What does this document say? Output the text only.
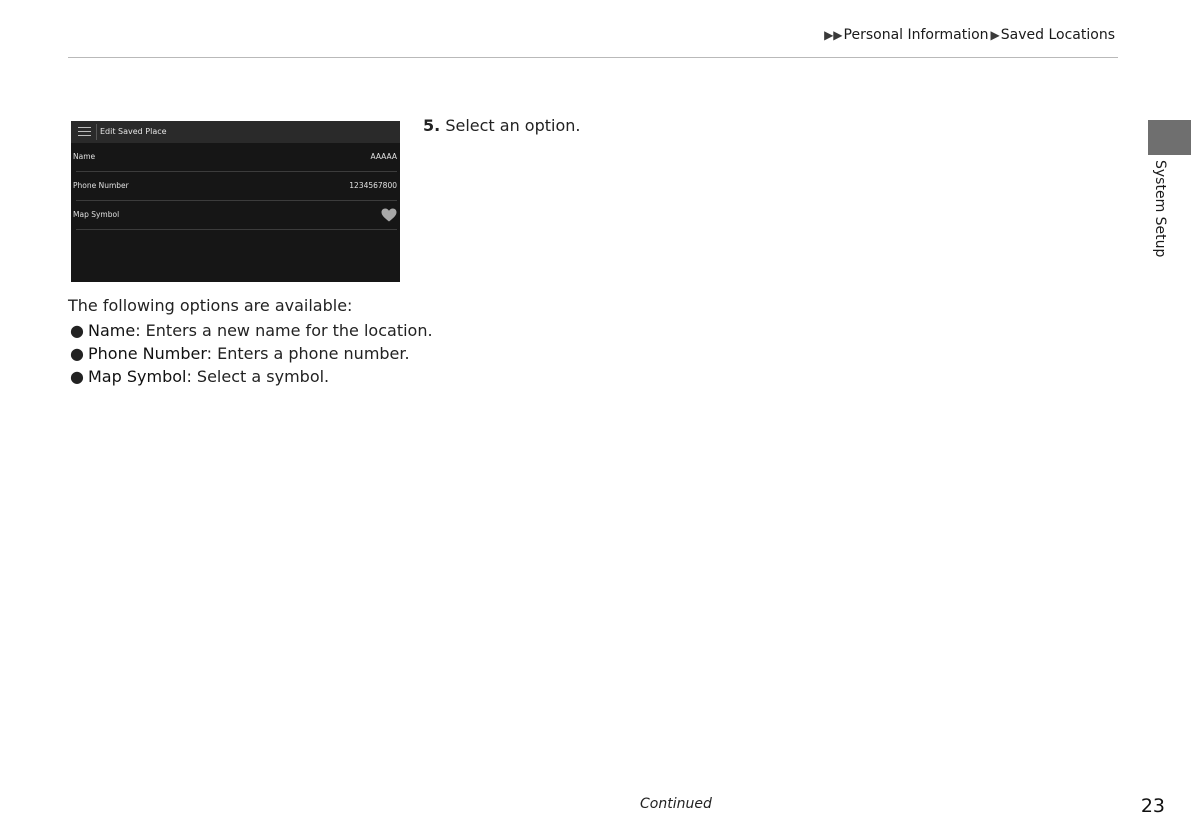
▶▶ Personal Information ▶ Saved Locations
Edit Saved Place
Name	AAAAA
Phone Number	1234567800
Map Symbol
5. Select an option.
The following options are available:
● Name: Enters a new name for the location.
● Phone Number: Enters a phone number.
● Map Symbol: Select a symbol.
System Setup
Continued	23
